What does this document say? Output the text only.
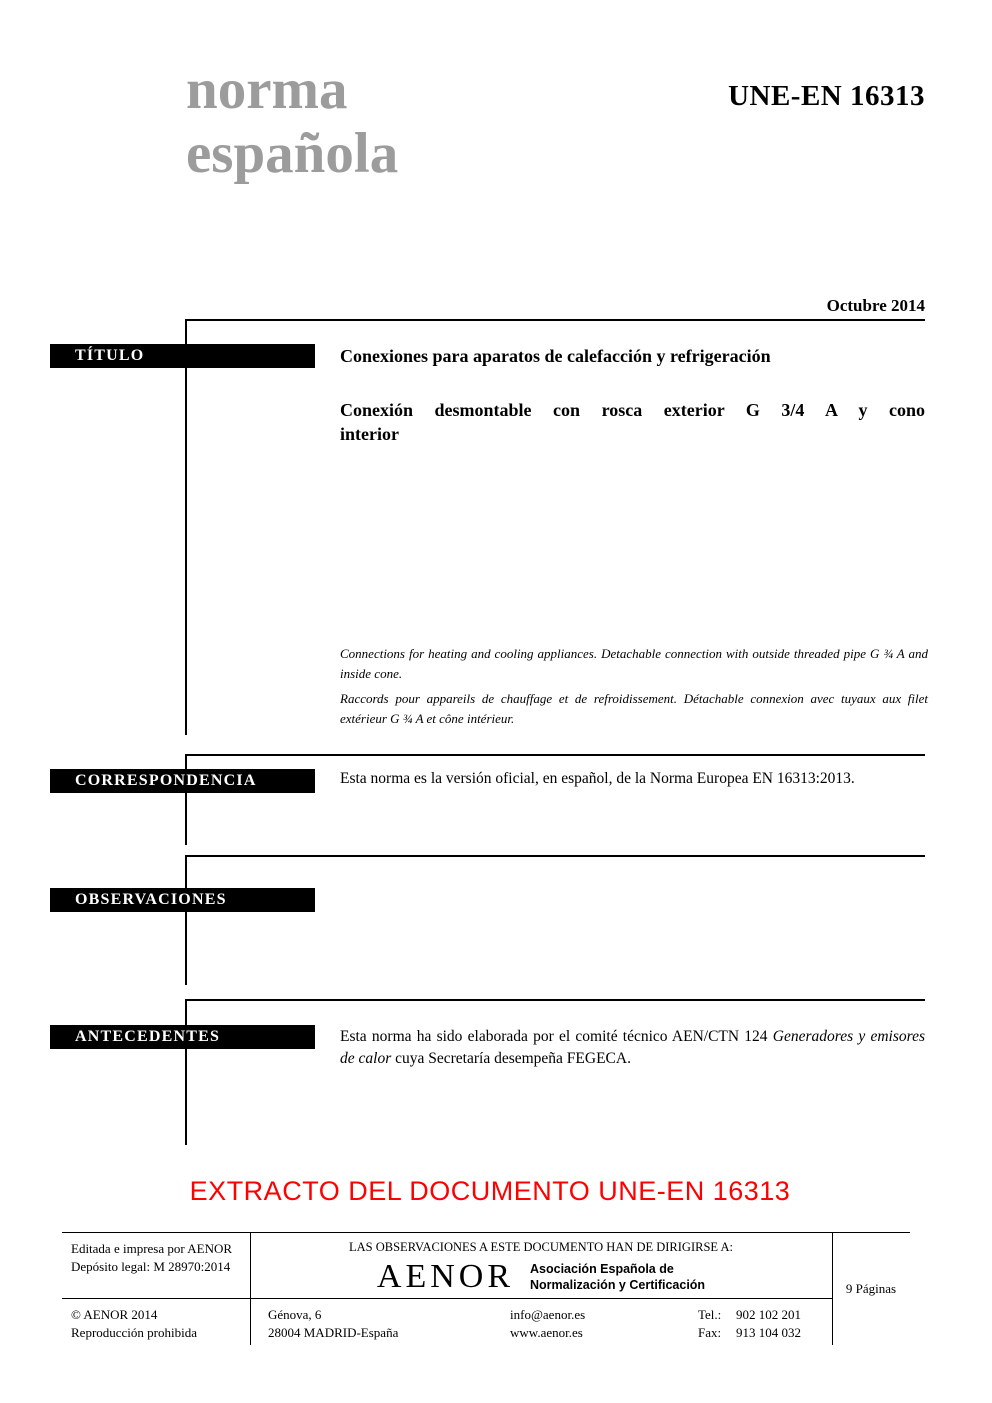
norma
española
UNE-EN 16313
Octubre 2014
TÍTULO
CORRESPONDENCIA
OBSERVACIONES
ANTECEDENTES
Conexiones para aparatos de calefacción y refrigeración
Conexión desmontable con rosca exterior G 3/4 A y cono
interior

Connections for heating and cooling appliances. Detachable connection with outside threaded pipe G ¾ A and inside cone.

Raccords pour appareils de chauffage et de refroidissement. Détachable connexion avec tuyaux aux filet extérieur G ¾ A et cône intérieur.

Esta norma es la versión oficial, en español, de la Norma Europea EN 16313:2013.
Esta norma ha sido elaborada por el comité técnico AEN/CTN 124 Generadores y emisores de calor cuya Secretaría desempeña FEGECA.
EXTRACTO DEL DOCUMENTO UNE-EN 16313
Editada e impresa por AENOR
Depósito legal: M 28970:2014
LAS OBSERVACIONES A ESTE DOCUMENTO HAN DE DIRIGIRSE A:
AENOR Asociación Española de
Normalización y Certificación	9 Páginas
© AENOR 2014
Reproducción prohibida
Génova, 6
28004 MADRID-España
info@aenor.es
www.aenor.es
Tel.: 902 102 201
Fax: 913 104 032
